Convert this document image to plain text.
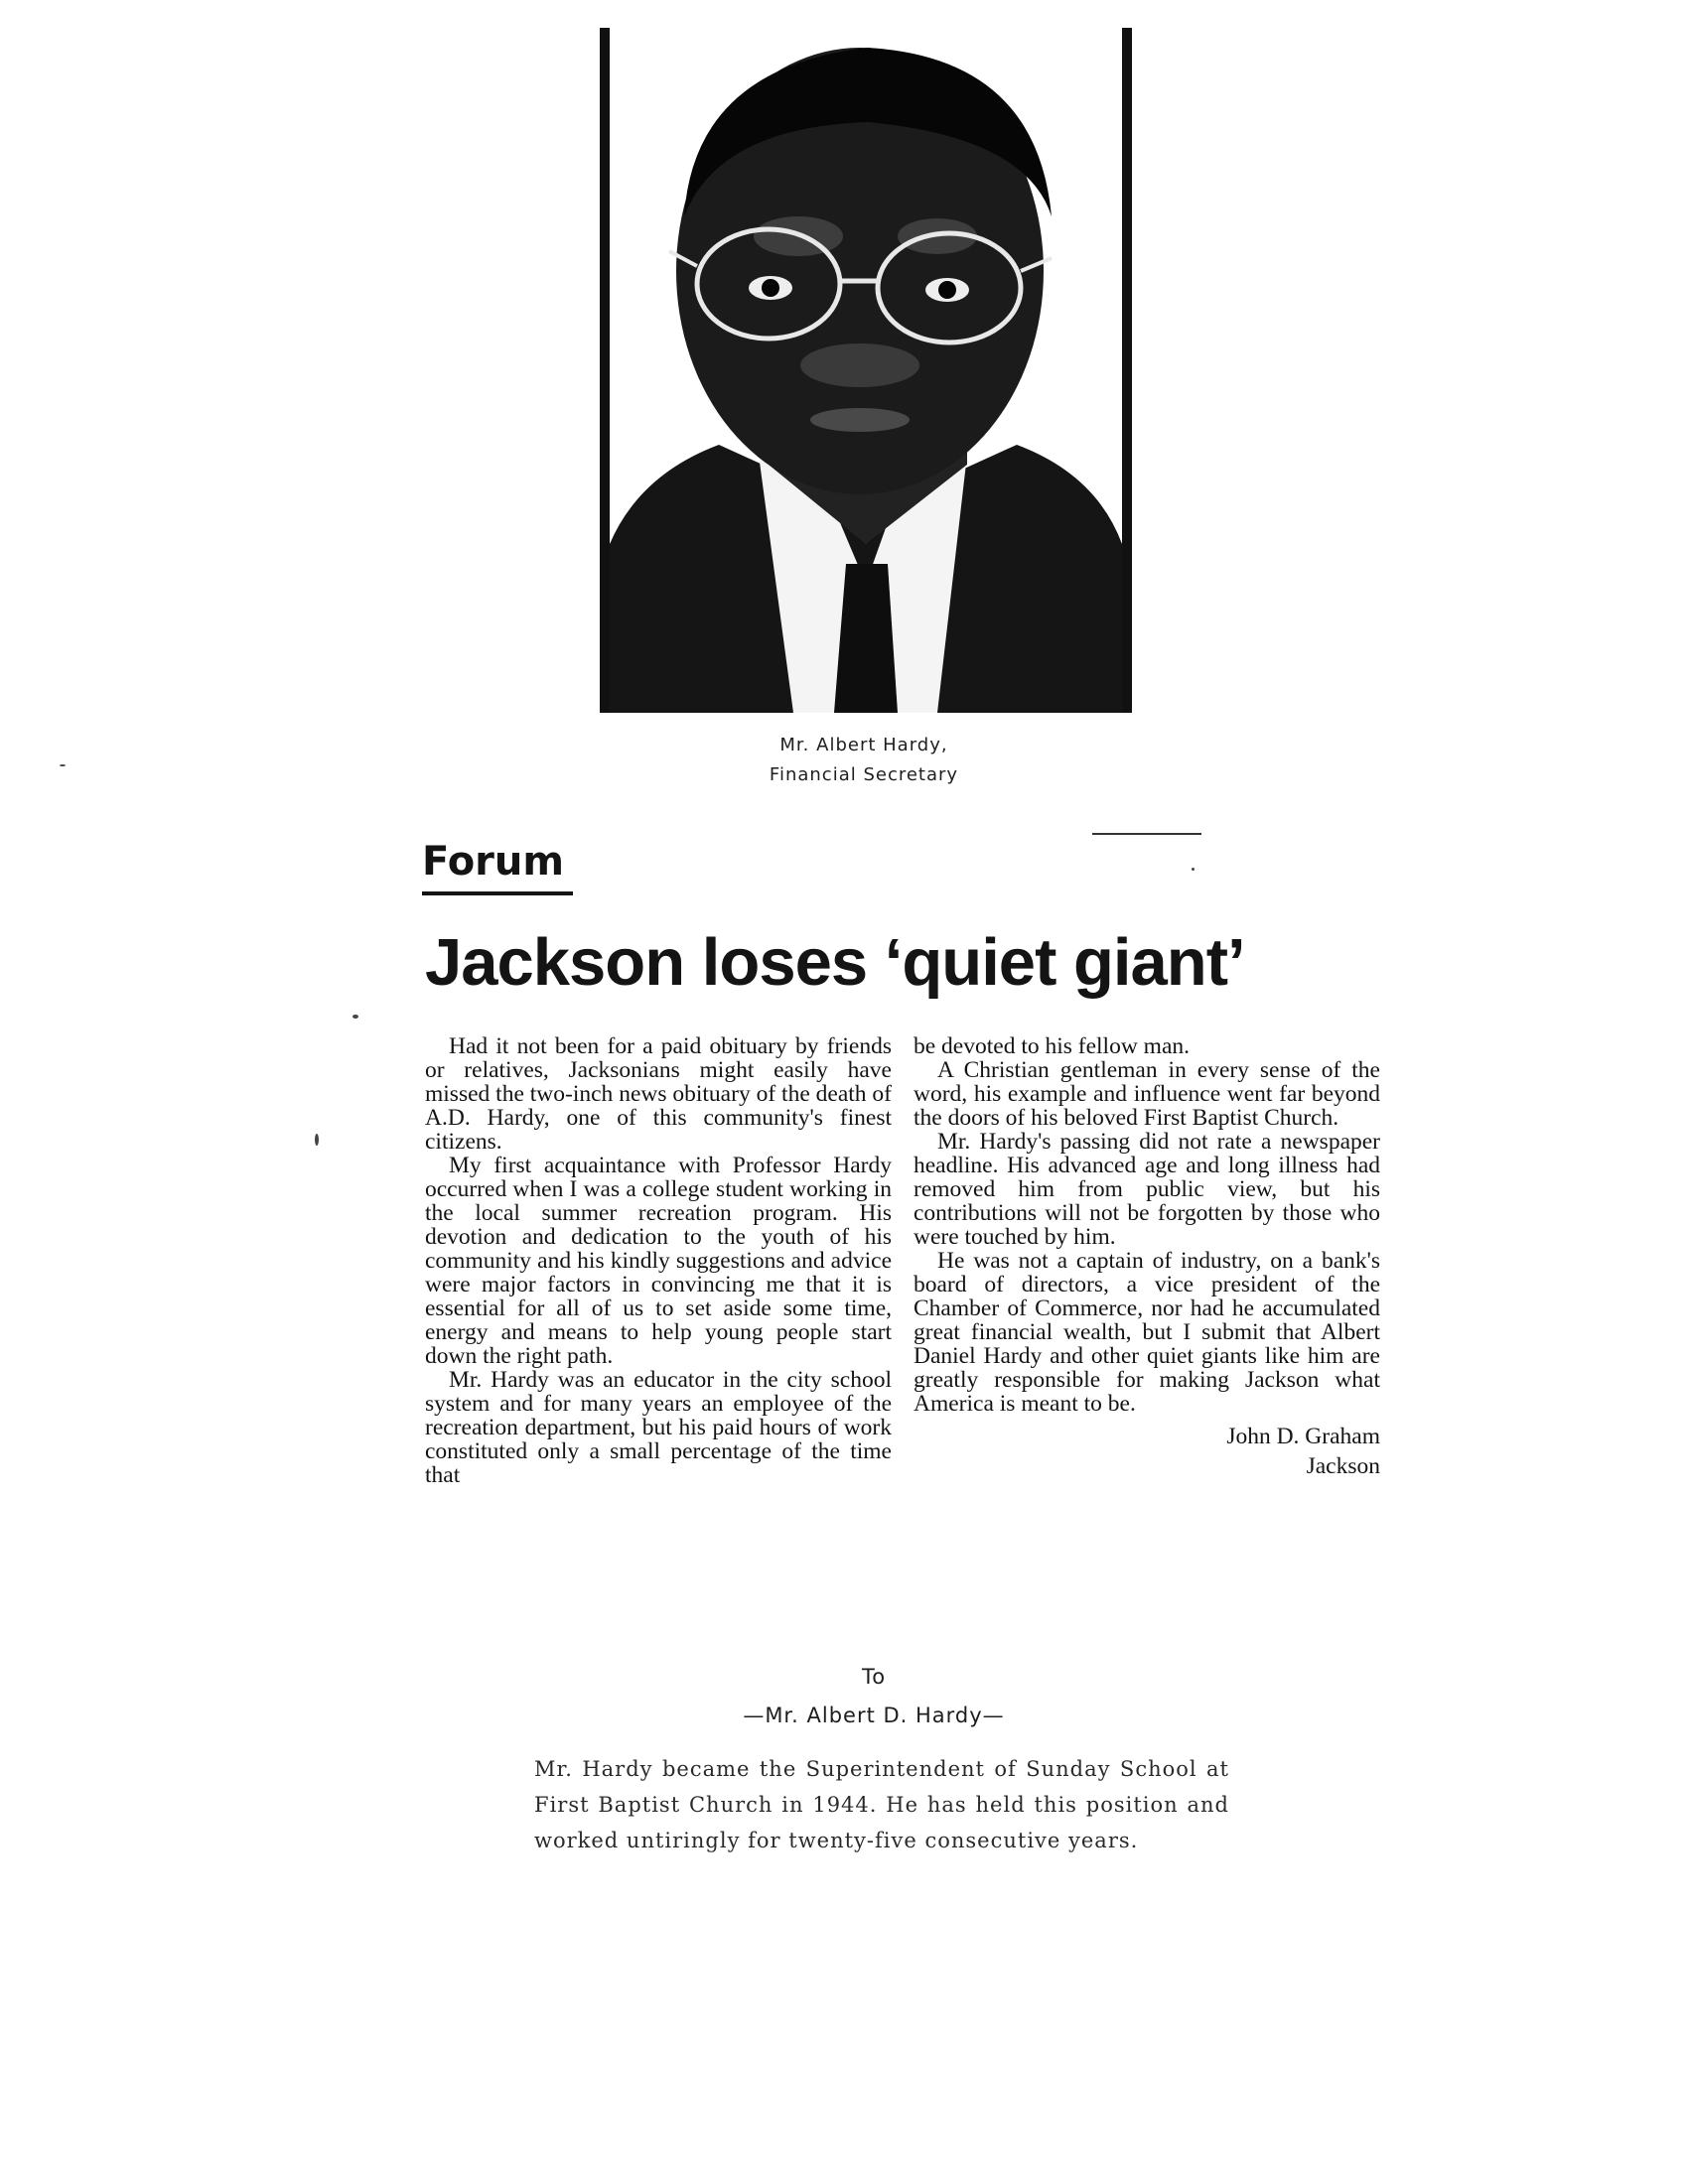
Mr. Albert Hardy,
Financial Secretary
Forum
Jackson loses ‘quiet giant’

Had it not been for a paid obituary by friends or relatives, Jacksonians might easily have missed the two-inch news obituary of the death of A.D. Hardy, one of this community's finest citizens.

My first acquaintance with Professor Hardy occurred when I was a college student working in the local summer recreation program. His devotion and dedication to the youth of his community and his kindly suggestions and advice were major factors in convincing me that it is essential for all of us to set aside some time, energy and means to help young people start down the right path.

Mr. Hardy was an educator in the city school system and for many years an employee of the recreation department, but his paid hours of work constituted only a small percentage of the time that

be devoted to his fellow man.

A Christian gentleman in every sense of the word, his example and influence went far beyond the doors of his beloved First Baptist Church.

Mr. Hardy's passing did not rate a newspaper headline. His advanced age and long illness had removed him from public view, but his contributions will not be forgotten by those who were touched by him.

He was not a captain of industry, on a bank's board of directors, a vice president of the Chamber of Commerce, nor had he accumulated great financial wealth, but I submit that Albert Daniel Hardy and other quiet giants like him are greatly responsible for making Jackson what America is meant to be.

John D. Graham
Jackson
To
—Mr. Albert D. Hardy—
Mr. Hardy became the Superintendent of Sunday School at First Baptist Church in 1944. He has held this position and worked untiringly for twenty-five consecutive years.
